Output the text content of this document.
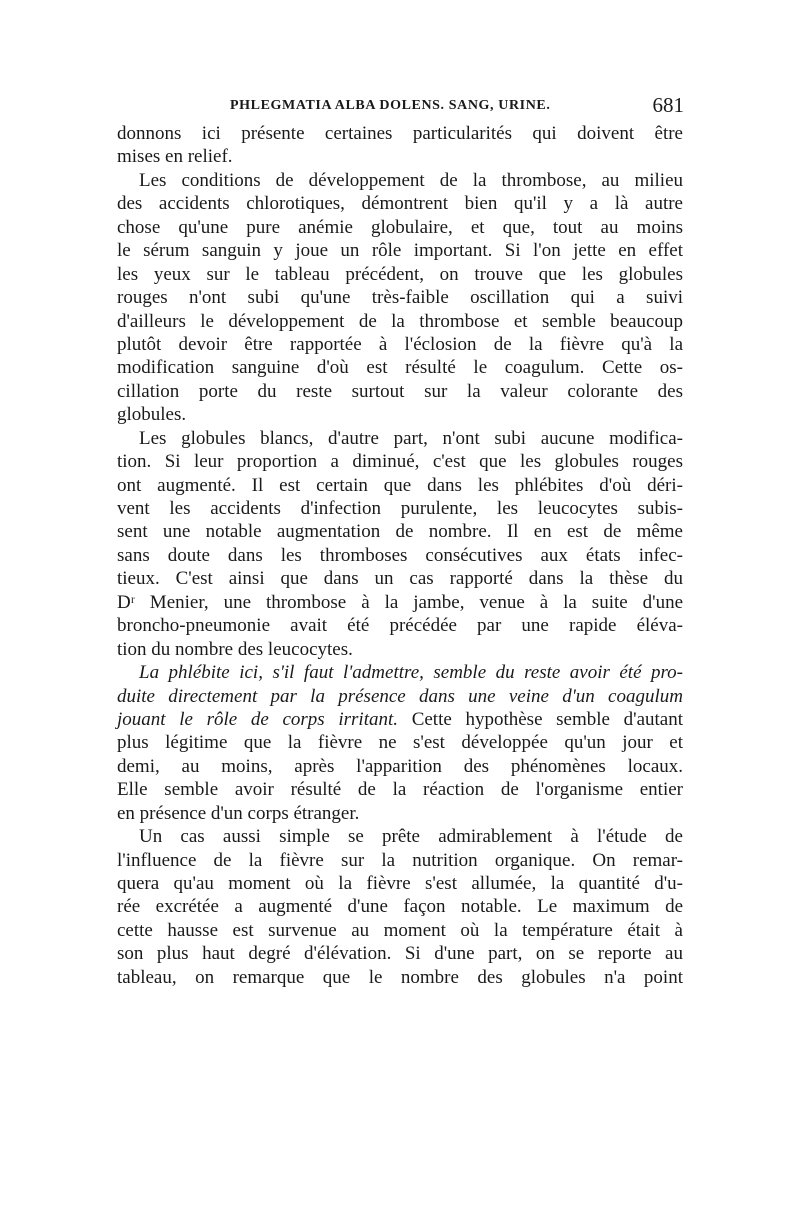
PHLEGMATIA ALBA DOLENS. SANG, URINE.	681
donnons ici présente certaines particularités qui doivent être
mises en relief.
Les conditions de développement de la thrombose, au milieu
des accidents chlorotiques, démontrent bien qu'il y a là autre
chose qu'une pure anémie globulaire, et que, tout au moins
le sérum sanguin y joue un rôle important. Si l'on jette en effet
les yeux sur le tableau précédent, on trouve que les globules
rouges n'ont subi qu'une très-faible oscillation qui a suivi
d'ailleurs le développement de la thrombose et semble beaucoup
plutôt devoir être rapportée à l'éclosion de la fièvre qu'à la
modification sanguine d'où est résulté le coagulum. Cette os-
cillation porte du reste surtout sur la valeur colorante des
globules.
Les globules blancs, d'autre part, n'ont subi aucune modifica-
tion. Si leur proportion a diminué, c'est que les globules rouges
ont augmenté. Il est certain que dans les phlébites d'où déri-
vent les accidents d'infection purulente, les leucocytes subis-
sent une notable augmentation de nombre. Il en est de même
sans doute dans les thromboses consécutives aux états infec-
tieux. C'est ainsi que dans un cas rapporté dans la thèse du
Dʳ Menier, une thrombose à la jambe, venue à la suite d'une
broncho-pneumonie avait été précédée par une rapide éléva-
tion du nombre des leucocytes.
La phlébite ici, s'il faut l'admettre, semble du reste avoir été pro-
duite directement par la présence dans une veine d'un coagulum
jouant le rôle de corps irritant. Cette hypothèse semble d'autant
plus légitime que la fièvre ne s'est développée qu'un jour et
demi, au moins, après l'apparition des phénomènes locaux.
Elle semble avoir résulté de la réaction de l'organisme entier
en présence d'un corps étranger.
Un cas aussi simple se prête admirablement à l'étude de
l'influence de la fièvre sur la nutrition organique. On remar-
quera qu'au moment où la fièvre s'est allumée, la quantité d'u-
rée excrétée a augmenté d'une façon notable. Le maximum de
cette hausse est survenue au moment où la température était à
son plus haut degré d'élévation. Si d'une part, on se reporte au
tableau, on remarque que le nombre des globules n'a point
